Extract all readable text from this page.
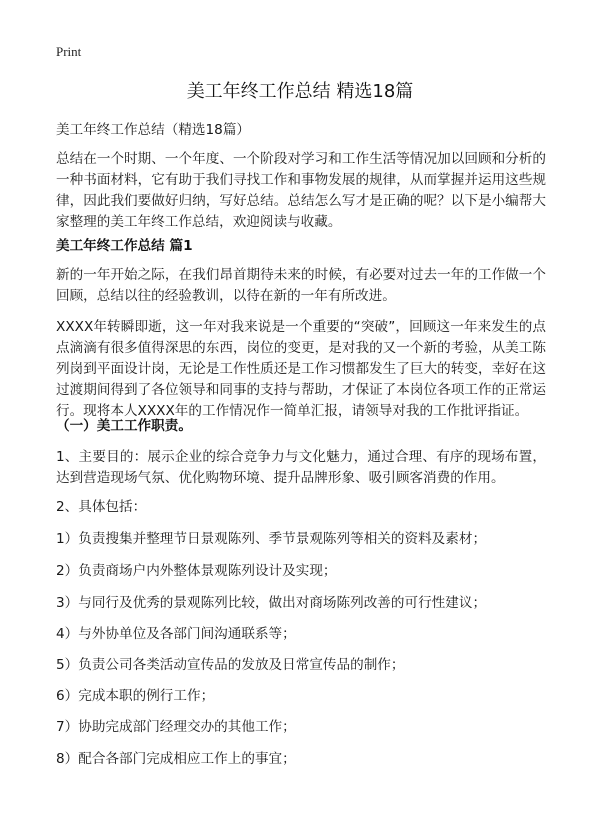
Print
美工年终工作总结 精选18篇

美工年终工作总结（精选18篇）

总结在一个时期、一个年度、一个阶段对学习和工作生活等情况加以回顾和分析的一种书面材料，它有助于我们寻找工作和事物发展的规律，从而掌握并运用这些规律，因此我们要做好归纳，写好总结。总结怎么写才是正确的呢？以下是小编帮大家整理的美工年终工作总结，欢迎阅读与收藏。

美工年终工作总结 篇1

新的一年开始之际，在我们昂首期待未来的时候，有必要对过去一年的工作做一个回顾，总结以往的经验教训，以待在新的一年有所改进。

XXXX年转瞬即逝，这一年对我来说是一个重要的“突破”，回顾这一年来发生的点点滴滴有很多值得深思的东西，岗位的变更，是对我的又一个新的考验，从美工陈列岗到平面设计岗，无论是工作性质还是工作习惯都发生了巨大的转变，幸好在这过渡期间得到了各位领导和同事的支持与帮助，才保证了本岗位各项工作的正常运行。现将本人XXXX年的工作情况作一简单汇报，请领导对我的工作批评指证。

（一）美工工作职责。

1、主要目的：展示企业的综合竞争力与文化魅力，通过合理、有序的现场布置，达到营造现场气氛、优化购物环境、提升品牌形象、吸引顾客消费的作用。

2、具体包括：

1）负责搜集并整理节日景观陈列、季节景观陈列等相关的资料及素材；

2）负责商场户内外整体景观陈列设计及实现；

3）与同行及优秀的景观陈列比较，做出对商场陈列改善的可行性建议；

4）与外协单位及各部门间沟通联系等；

5）负责公司各类活动宣传品的发放及日常宣传品的制作；

6）完成本职的例行工作；

7）协助完成部门经理交办的其他工作；

8）配合各部门完成相应工作上的事宜；
